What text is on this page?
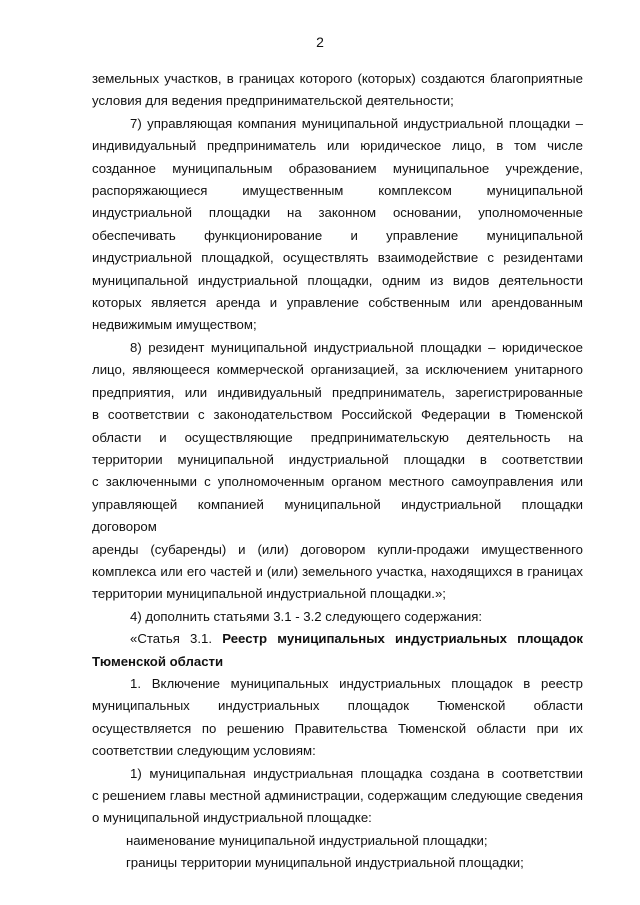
2
земельных участков, в границах которого (которых) создаются благоприятные
условия для ведения предпринимательской деятельности;
7) управляющая компания муниципальной индустриальной площадки –
индивидуальный предприниматель или юридическое лицо, в том числе
созданное муниципальным образованием муниципальное учреждение,
распоряжающиеся имущественным комплексом муниципальной
индустриальной площадки на законном основании, уполномоченные
обеспечивать функционирование и управление муниципальной
индустриальной площадкой, осуществлять взаимодействие с резидентами
муниципальной индустриальной площадки, одним из видов деятельности
которых является аренда и управление собственным или арендованным
недвижимым имуществом;
8) резидент муниципальной индустриальной площадки – юридическое
лицо, являющееся коммерческой организацией, за исключением унитарного
предприятия, или индивидуальный предприниматель, зарегистрированные
в соответствии с законодательством Российской Федерации в Тюменской
области и осуществляющие предпринимательскую деятельность на
территории муниципальной индустриальной площадки в соответствии
с заключенными с уполномоченным органом местного самоуправления или
управляющей компанией муниципальной индустриальной площадки договором
аренды (субаренды) и (или) договором купли-продажи имущественного
комплекса или его частей и (или) земельного участка, находящихся в границах
территории муниципальной индустриальной площадки.»;
4) дополнить статьями 3.1 - 3.2 следующего содержания:
«Статья 3.1. Реестр муниципальных индустриальных площадок
Тюменской области
1. Включение муниципальных индустриальных площадок в реестр
муниципальных индустриальных площадок Тюменской области
осуществляется по решению Правительства Тюменской области при их
соответствии следующим условиям:
1) муниципальная индустриальная площадка создана в соответствии
с решением главы местной администрации, содержащим следующие сведения
о муниципальной индустриальной площадке:
наименование муниципальной индустриальной площадки;
границы территории муниципальной индустриальной площадки;
